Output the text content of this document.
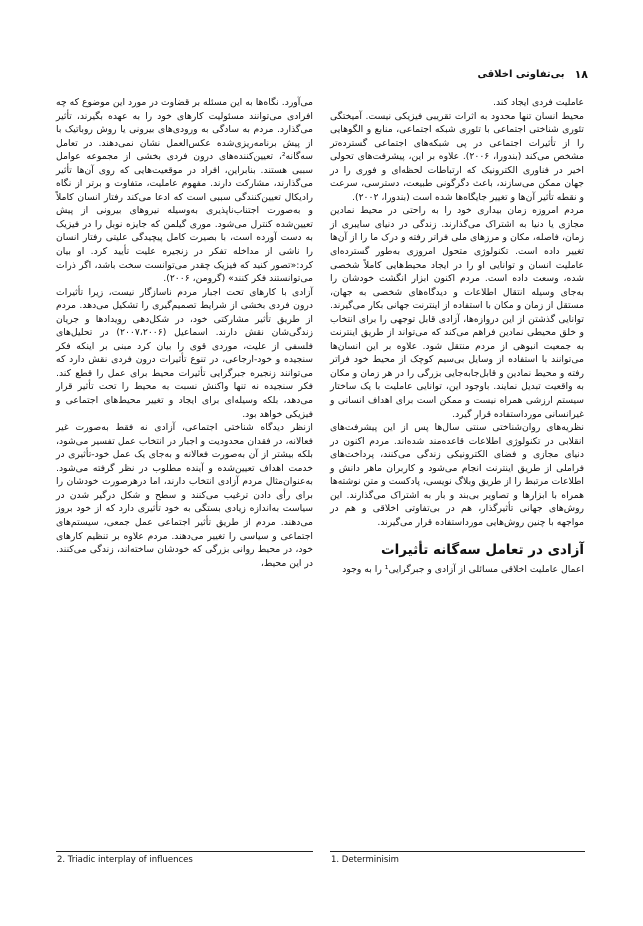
۱۸
بی‌تفاوتی اخلاقی

عاملیت فردی ایجاد کند.

محیط انسان تنها محدود به اثرات تقریبی فیزیکی نیست. آمیختگی تئوری شناختی اجتماعی با تئوری شبکه اجتماعی، منابع و الگوهایی را از تأثیرات اجتماعی در پی شبکه‌های اجتماعی گسترده‌تر مشخص می‌کند (بندورا، ۲۰۰۶). علاوه بر این، پیشرفت‌های تحولی اخیر در فناوری الکترونیک که ارتباطات لحظه‌ای و فوری را در جهان ممکن می‌سازند، باعث دگرگونی طبیعت، دسترسی، سرعت و نقطه تأثیر آن‌ها و تغییر جایگاه‌ها شده است (بندورا، ۲۰۰۲).

مردم امروزه زمان بیداری خود را به راحتی در محیط نمادین مجازی یا دنیا به اشتراک می‌گذارند. زندگی در دنیای سایبری از زمان، فاصله، مکان و مرزهای ملی فراتر رفته و درک ما را از آن‌ها تغییر داده است. تکنولوژی متحول امروزی به‌طور گسترده‌ای عاملیت انسان و توانایی او را در ایجاد محیط‌هایی کاملاً شخصی شده، وسعت داده است. مردم اکنون ابزار انگشت خودشان را به‌جای وسیله انتقال اطلاعات و دیدگاه‌های شخصی به جهان، مستقل از زمان و مکان با استفاده از اینترنت جهانی بکار می‌گیرند. توانایی گذشتن از این دروازه‌ها، آزادی قابل توجهی را برای انتخاب و خلق محیطی نمادین فراهم می‌کند که می‌تواند از طریق اینترنت به جمعیت انبوهی از مردم منتقل شود. علاوه بر این انسان‌ها می‌توانند با استفاده از وسایل بی‌سیم کوچک از محیط خود فراتر رفته و محیط نمادین و قابل‌جابه‌جایی بزرگی را در هر زمان و مکان به واقعیت تبدیل نمایند. باوجود این، توانایی عاملیت با یک ساختار سیستم ارزشی همراه نیست و ممکن است برای اهداف انسانی و غیرانسانی مورداستفاده قرار گیرد.

نظریه‌های روان‌شناختی سنتی سال‌ها پس از این پیشرفت‌های انقلابی در تکنولوژی اطلاعات قاعده‌مند شده‌اند. مردم اکنون در دنیای مجازی و فضای الکترونیکی زندگی می‌کنند، پرداخت‌های فراملی از طریق اینترنت انجام می‌شود و کاربران ماهر دانش و اطلاعات مرتبط را از طریق وبلاگ نویسی، پادکست و متن نوشته‌ها همراه با ابزارها و تصاویر بی‌بند و بار به اشتراک می‌گذارند. این روش‌های جهانی تأثیرگذار، هم در بی‌تفاوتی اخلاقی و هم در مواجهه با چنین روش‌هایی مورداستفاده قرار می‌گیرند.

آزادی در تعامل سه‌گانه تأثیرات

اعمال عاملیت اخلاقی مسائلی از آزادی و جبرگرایی¹ را به وجود

می‌آورد. نگاه‌ها به این مسئله بر قضاوت در مورد این موضوع که چه افرادی می‌توانند مسئولیت کارهای خود را به عهده بگیرند، تأثیر می‌گذارد. مردم به سادگی به ورودی‌های بیرونی یا روش روباتیک با از پیش برنامه‌ریزی‌شده عکس‌العمل نشان نمی‌دهند. در تعامل سه‌گانه²، تعیین‌کننده‌های درون فردی بخشی از مجموعه عوامل سببی هستند. بنابراین، افراد در موقعیت‌هایی که روی آن‌ها تأثیر می‌گذارند، مشارکت دارند. مفهوم عاملیت، متفاوت و برتر از نگاه رادیکال تعیین‌کنندگی سببی است که ادعا می‌کند رفتار انسان کاملاً و به‌صورت اجتناب‌ناپذیری به‌وسیله نیروهای بیرونی از پیش تعیین‌شده کنترل می‌شود. موری گیلمن که جایزه نوبل را در فیزیک به دست آورده است، با بصیرت کامل پیچیدگی علیتی رفتار انسان را ناشی از مداخله تفکر در زنجیره علیت تأیید کرد. او بیان کرد:«تصور کنید که فیزیک چقدر می‌توانست سخت باشد، اگر ذرات می‌توانستند فکر کنند» (گرومن، ۲۰۰۶).

آزادی با کارهای تحت اجبار مردم ناسازگار نیست، زیرا تأثیرات درون فردی بخشی از شرایط تصمیم‌گیری را تشکیل می‌دهد. مردم از طریق تأثیر مشارکتی خود، در شکل‌دهی رویدادها و جریان زندگی‌شان نقش دارند. اسماعیل (۲۰۰۷،۲۰۰۶) در تحلیل‌های فلسفی از علیت، موردی قوی را بیان کرد مبنی بر اینکه فکر سنجیده و خود-ارجاعی، در تنوع تأثیرات درون فردی نقش دارد که می‌توانند زنجیره جبرگرایی تأثیرات محیط برای عمل را قطع کند. فکر سنجیده نه تنها واکنش نسبت به محیط را تحت تأثیر قرار می‌دهد، بلکه وسیله‌ای برای ایجاد و تغییر محیط‌های اجتماعی و فیزیکی خواهد بود.

ازنظر دیدگاه شناختی اجتماعی، آزادی نه فقط به‌صورت غیر فعالانه، در فقدان محدودیت و اجبار در انتخاب عمل تفسیر می‌شود، بلکه بیشتر از آن به‌صورت فعالانه و به‌جای یک عمل خود-تأثیری در خدمت اهداف تعیین‌شده و آینده مطلوب در نظر گرفته می‌شود. به‌عنوان‌مثال مردم آزادی انتخاب دارند، اما درهرصورت خودشان را برای رأی دادن ترغیب می‌کنند و سطح و شکل درگیر شدن در سیاست به‌اندازه زیادی بستگی به خود تأثیری دارد که از خود بروز می‌دهند. مردم از طریق تأثیر اجتماعی عمل جمعی، سیستم‌های اجتماعی و سیاسی را تغییر می‌دهند. مردم علاوه بر تنظیم کارهای خود، در محیط روانی بزرگی که خودشان ساخته‌اند، زندگی می‌کنند. در این محیط،

1. Determinisim
2. Triadic interplay of influences
